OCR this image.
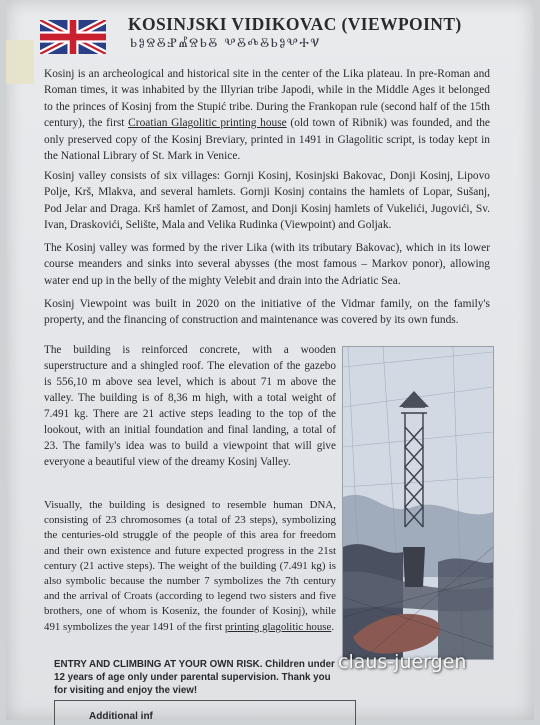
KOSINJSKI VIDIKOVAC (VIEWPOINT)
ⰓⰑⰔⰋⰐⰌⰔⰓⰋ ⰂⰋⰄⰋⰓⰑⰂⰀⰜ

Kosinj is an archeological and historical site in the center of the Lika plateau. In pre-Roman and Roman times, it was inhabited by the Illyrian tribe Japodi, while in the Middle Ages it belonged to the princes of Kosinj from the Stupić tribe. During the Frankopan rule (second half of the 15th century), the first Croatian Glagolitic printing house (old town of Ribnik) was founded, and the only preserved copy of the Kosinj Breviary, printed in 1491 in Glagolitic script, is today kept in the National Library of St. Mark in Venice.

Kosinj valley consists of six villages: Gornji Kosinj, Kosinjski Bakovac, Donji Kosinj, Lipovo Polje, Krš, Mlakva, and several hamlets. Gornji Kosinj contains the hamlets of Lopar, Sušanj, Pod Jelar and Draga. Krš hamlet of Zamost, and Donji Kosinj hamlets of Vukelići, Jugovići, Sv. Ivan, Draskovići, Selište, Mala and Velika Rudinka (Viewpoint) and Goljak.

The Kosinj valley was formed by the river Lika (with its tributary Bakovac), which in its lower course meanders and sinks into several abysses (the most famous – Markov ponor), allowing water end up in the belly of the mighty Velebit and drain into the Adriatic Sea.

Kosinj Viewpoint was built in 2020 on the initiative of the Vidmar family, on the family's property, and the financing of construction and maintenance was covered by its own funds.

The building is reinforced concrete, with a wooden superstructure and a shingled roof. The elevation of the gazebo is 556,10 m above sea level, which is about 71 m above the valley. The building is of 8,36 m high, with a total weight of 7.491 kg. There are 21 active steps leading to the top of the lookout, with an initial foundation and final landing, a total of 23. The family's idea was to build a viewpoint that will give everyone a beautiful view of the dreamy Kosinj Valley.

Visually, the building is designed to resemble human DNA, consisting of 23 chromosomes (a total of 23 steps), symbolizing the centuries-old struggle of the people of this area for freedom and their own existence and future expected progress in the 21st century (21 active steps). The weight of the building (7.491 kg) is also symbolic because the number 7 symbolizes the 7th century and the arrival of Croats (according to legend two sisters and five brothers, one of whom is Koseniz, the founder of Kosinj), while 491 symbolizes the year 1491 of the first printing glagolitic house.

ENTRY AND CLIMBING AT YOUR OWN RISK. Children under 12 years of age only under parental supervision. Thank you for visiting and enjoy the view!

Additional inf
claus-juergen
